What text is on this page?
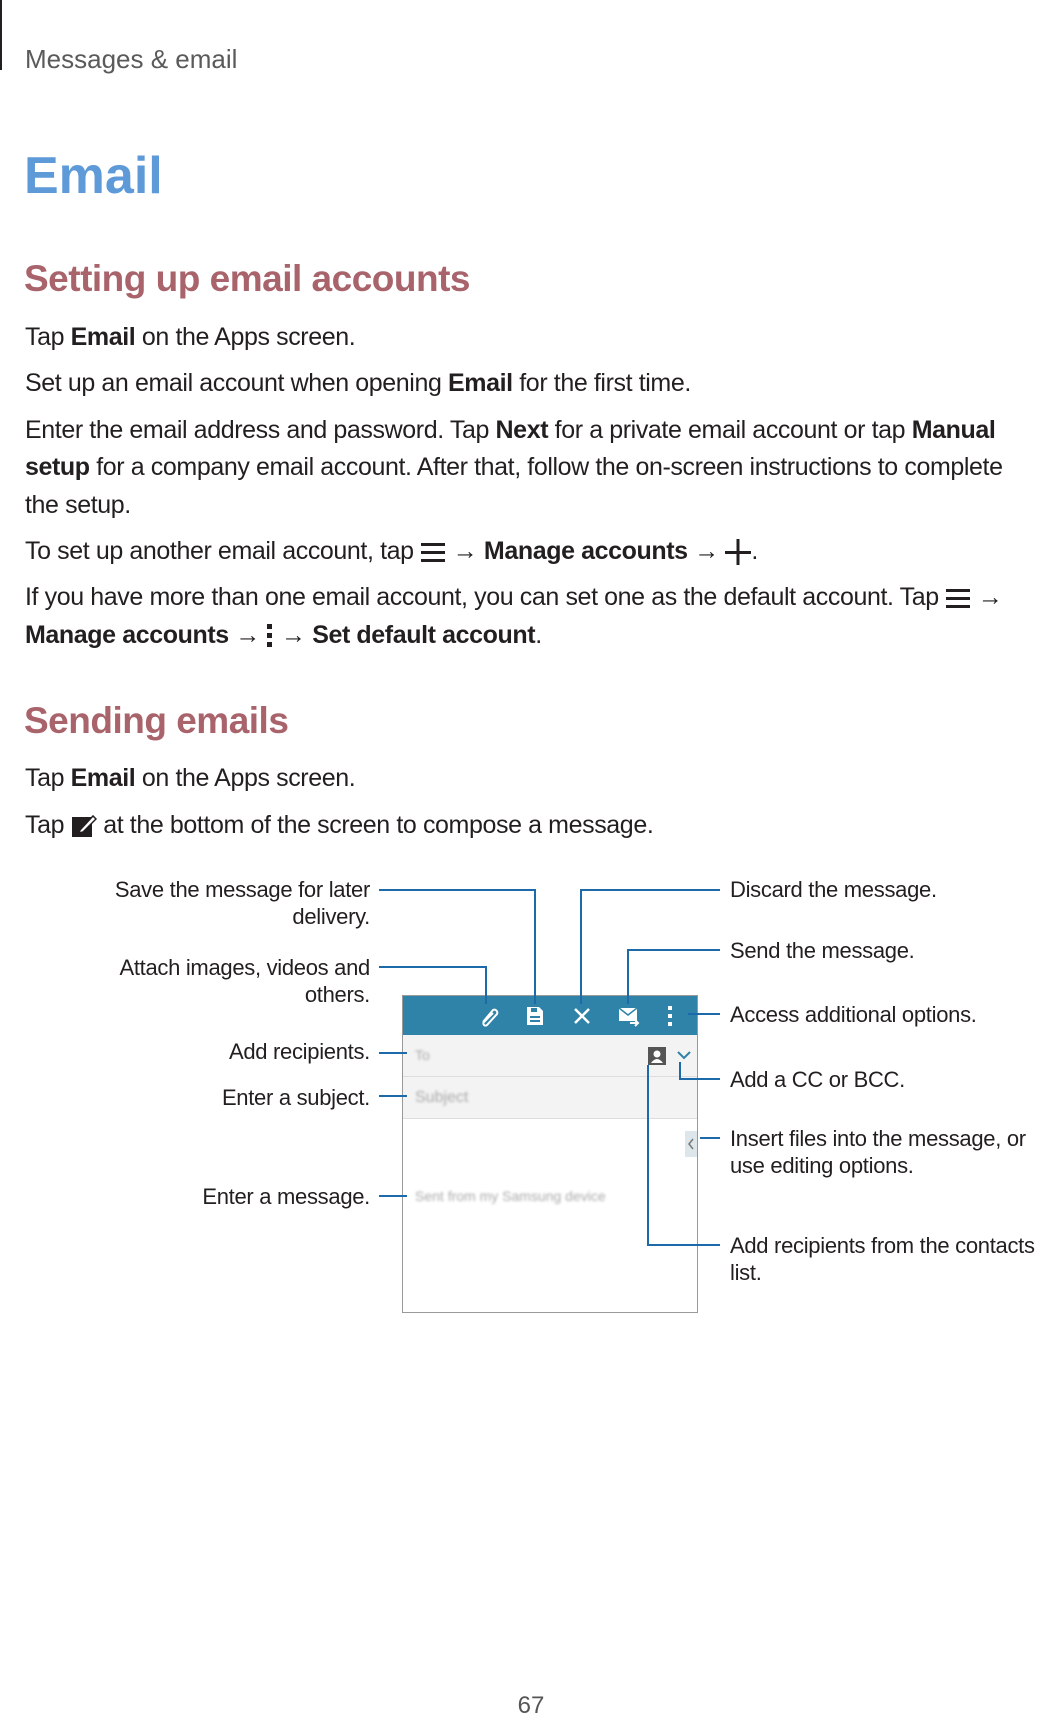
Messages & email
Email
Setting up email accounts
Tap Email on the Apps screen.
Set up an email account when opening Email for the first time.
Enter the email address and password. Tap Next for a private email account or tap Manual
setup for a company email account. After that, follow the on-screen instructions to complete
the setup.
To set up another email account, tap  → Manage accounts → .
If you have more than one email account, you can set one as the default account. Tap  →
Manage accounts →  → Set default account.
Sending emails
Tap Email on the Apps screen.
Tap  at the bottom of the screen to compose a message.
Save the message for later
delivery.
Attach images, videos and
others.
Add recipients.
Enter a subject.
Enter a message.
Discard the message.
Send the message.
Access additional options.
Add a CC or BCC.
Insert files into the message, or
use editing options.
Add recipients from the contacts
list.
To
Subject
Sent from my Samsung device
67
